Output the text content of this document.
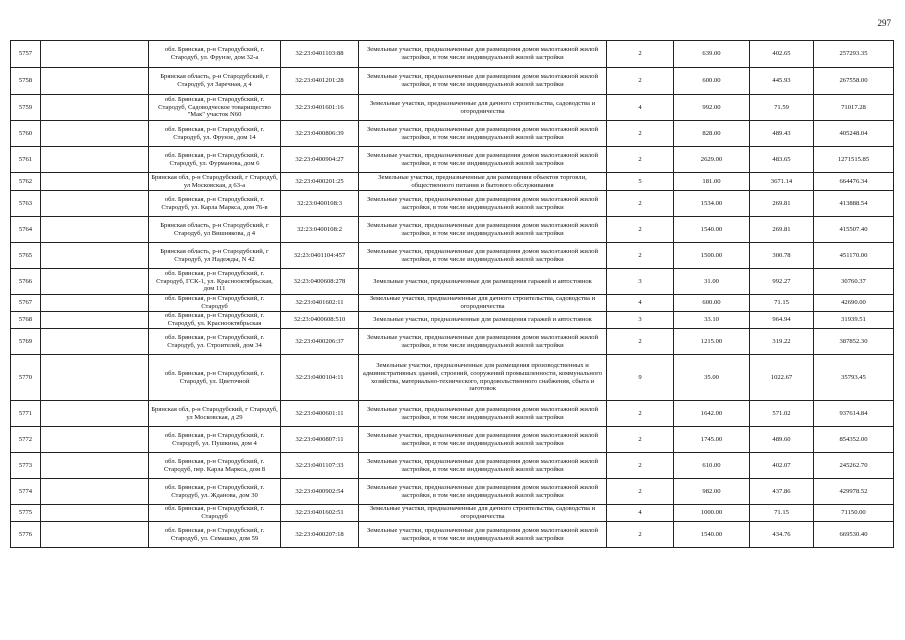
297
5757		обл. Брянская, р-н Стародубский, г. Стародуб, ул. Фрунзе, дом 32-а	32:23:0401103:88	Земельные участки, предназначенные для размещения домов малоэтажной жилой застройки, в том числе индивидуальной жилой застройки	2	639.00	402.65	257293.35
5758		Брянская область, р-н Стародубский, г Стародуб, ул Заречная, д 4	32:23:0401201:28	Земельные участки, предназначенные для размещения домов малоэтажной жилой застройки, в том числе индивидуальной жилой застройки	2	600.00	445.93	267558.00
5759		обл. Брянская, р-н Стародубский, г. Стародуб, Садоводческое товарищество "Мак" участок N60	32:23:0401601:16	Земельные участки, предназначенные для дачного строительства, садоводства и огородничества	4	992.00	71.59	71017.28
5760		обл. Брянская, р-н Стародубский, г. Стародуб, ул. Фрунзе, дом 14	32:23:0400806:39	Земельные участки, предназначенные для размещения домов малоэтажной жилой застройки, в том числе индивидуальной жилой застройки	2	828.00	489.43	405248.04
5761		обл. Брянская, р-н Стародубский, г. Стародуб, ул. Фурманова, дом 6	32:23:0400904:27	Земельные участки, предназначенные для размещения домов малоэтажной жилой застройки, в том числе индивидуальной жилой застройки	2	2629.00	483.65	1271515.85
5762		Брянская обл, р-н Стародубский, г Стародуб, ул Московская, д 63-а	32:23:0400201:25	Земельные участки, предназначенные для размещения объектов торговли, общественного питания и бытового обслуживания	5	181.00	3671.14	664476.34
5763		обл. Брянская, р-н Стародубский, г. Стародуб, ул. Карла Маркса, дом 76-в	32:23:0400108:3	Земельные участки, предназначенные для размещения домов малоэтажной жилой застройки, в том числе индивидуальной жилой застройки	2	1534.00	269.81	413888.54
5764		Брянская область, р-н Стародубский, г Стародуб, ул Вишнякова, д 4	32:23:0400108:2	Земельные участки, предназначенные для размещения домов малоэтажной жилой застройки, в том числе индивидуальной жилой застройки	2	1540.00	269.81	415507.40
5765		Брянская область, р-н Стародубский, г Стародуб, ул Надежды, N 42	32:23:0401104:457	Земельные участки, предназначенные для размещения домов малоэтажной жилой застройки, в том числе индивидуальной жилой застройки	2	1500.00	300.78	451170.00
5766		обл. Брянская, р-н Стародубский, г. Стародуб, ГСК-1, ул. Краснооктябрьская, дом 111	32:23:0400608:278	Земельные участки, предназначенные для размещения гаражей и автостоянок	3	31.00	992.27	30760.37
5767		обл. Брянская, р-н Стародубский, г. Стародуб	32:23:0401602:11	Земельные участки, предназначенные для дачного строительства, садоводства и огородничества	4	600.00	71.15	42690.00
5768		обл. Брянская, р-н Стародубский, г. Стародуб, ул. Краснооктябрьская	32:23:0400608:510	Земельные участки, предназначенные для размещения гаражей и автостоянок	3	33.10	964.94	31939.51
5769		обл. Брянская, р-н Стародубский, г. Стародуб, ул. Строителей, дом 34	32:23:0400206:37	Земельные участки, предназначенные для размещения домов малоэтажной жилой застройки, в том числе индивидуальной жилой застройки	2	1215.00	319.22	387852.30
5770		обл. Брянская, р-н Стародубский, г. Стародуб, ул. Цветочной	32:23:0400104:11	Земельные участки, предназначенные для размещения производственных и административных зданий, строений, сооружений промышленности, коммунального хозяйства, материально-технического, продовольственного снабжения, сбыта и заготовок	9	35.00	1022.67	35793.45
5771		Брянская обл, р-н Стародубский, г Стародуб, ул Московская, д 29	32:23:0400601:11	Земельные участки, предназначенные для размещения домов малоэтажной жилой застройки, в том числе индивидуальной жилой застройки	2	1642.00	571.02	937614.84
5772		обл. Брянская, р-н Стародубский, г. Стародуб, ул. Пушкина, дом 4	32:23:0400807:11	Земельные участки, предназначенные для размещения домов малоэтажной жилой застройки, в том числе индивидуальной жилой застройки	2	1745.00	489.60	854352.00
5773		обл. Брянская, р-н Стародубский, г. Стародуб, пер. Карла Маркса, дом 8	32:23:0401107:33	Земельные участки, предназначенные для размещения домов малоэтажной жилой застройки, в том числе индивидуальной жилой застройки	2	610.00	402.07	245262.70
5774		обл. Брянская, р-н Стародубский, г. Стародуб, ул. Жданова, дом 30	32:23:0400902:54	Земельные участки, предназначенные для размещения домов малоэтажной жилой застройки, в том числе индивидуальной жилой застройки	2	982.00	437.86	429978.52
5775		обл. Брянская, р-н Стародубский, г. Стародуб	32:23:0401602:51	Земельные участки, предназначенные для дачного строительства, садоводства и огородничества	4	1000.00	71.15	71150.00
5776		обл. Брянская, р-н Стародубский, г. Стародуб, ул. Семашко, дом 59	32:23:0400207:18	Земельные участки, предназначенные для размещения домов малоэтажной жилой застройки, в том числе индивидуальной жилой застройки	2	1540.00	434.76	669530.40
